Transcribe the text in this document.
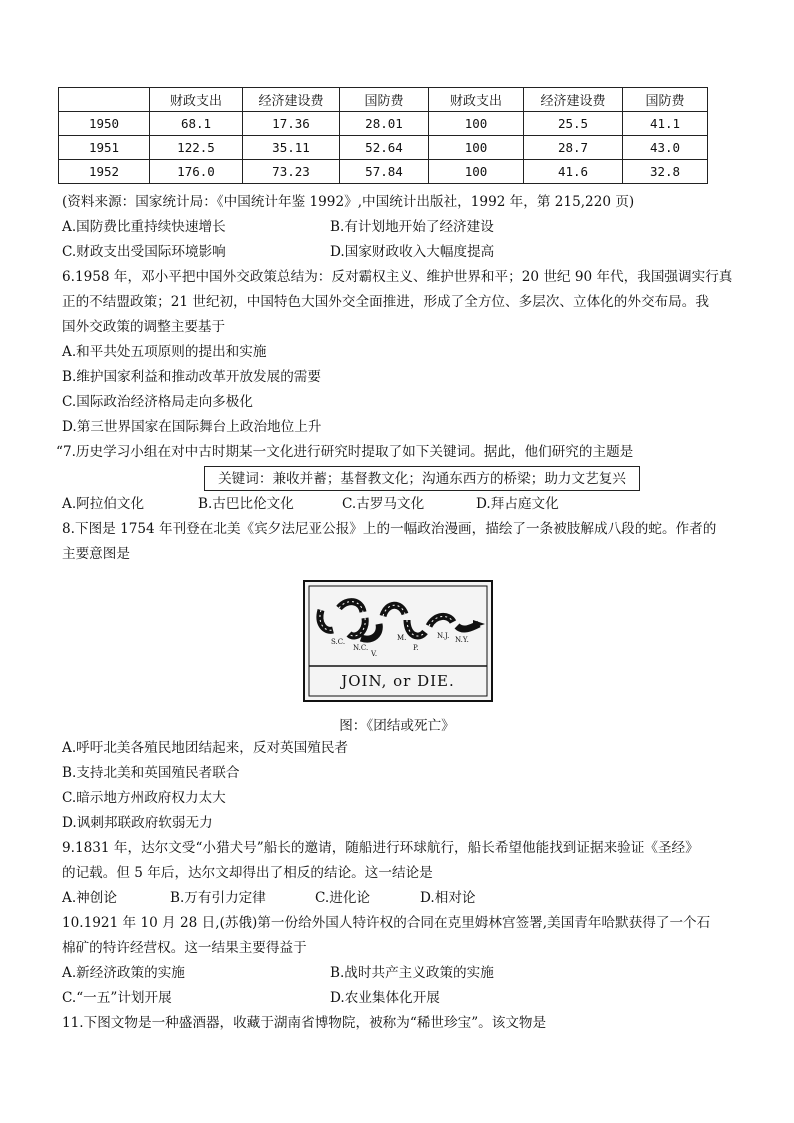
	财政支出	经济建设费	国防费	财政支出	经济建设费	国防费
1950	68.1	17.36	28.01	100	25.5	41.1
1951	122.5	35.11	52.64	100	28.7	43.0
1952	176.0	73.23	57.84	100	41.6	32.8
(资料来源：国家统计局：《中国统计年鉴 1992》,中国统计出版社，1992 年，第 215,220 页)
A.国防费比重持续快速增长	B.有计划地开始了经济建设
C.财政支出受国际环境影响	D.国家财政收入大幅度提高
6.1958 年，邓小平把中国外交政策总结为：反对霸权主义、维护世界和平；20 世纪 90 年代，我国强调实行真
正的不结盟政策；21 世纪初，中国特色大国外交全面推进，形成了全方位、多层次、立体化的外交布局。我
国外交政策的调整主要基于
A.和平共处五项原则的提出和实施
B.维护国家利益和推动改革开放发展的需要
C.国际政治经济格局走向多极化
D.第三世界国家在国际舞台上政治地位上升
“7.历史学习小组在对中古时期某一文化进行研究时提取了如下关键词。据此，他们研究的主题是
关键词：兼收并蓄；基督教文化；沟通东西方的桥梁；助力文艺复兴
A.阿拉伯文化	B.古巴比伦文化	C.古罗马文化	D.拜占庭文化
8.下图是 1754 年刊登在北美《宾夕法尼亚公报》上的一幅政治漫画，描绘了一条被肢解成八段的蛇。作者的
主要意图是
S.C.
N.C.
V.
M.
P.
N.J. N.Y.
JOIN, or DIE.
图：《团结或死亡》
A.呼吁北美各殖民地团结起来，反对英国殖民者
B.支持北美和英国殖民者联合
C.暗示地方州政府权力太大
D.讽刺邦联政府软弱无力
9.1831 年，达尔文受“小猎犬号”船长的邀请，随船进行环球航行，船长希望他能找到证据来验证《圣经》
的记载。但 5 年后，达尔文却得出了相反的结论。这一结论是
A.神创论	B.万有引力定律	C.进化论	D.相对论
10.1921 年 10 月 28 日,(苏俄)第一份给外国人特许权的合同在克里姆林宫签署,美国青年哈默获得了一个石
棉矿的特许经营权。这一结果主要得益于
A.新经济政策的实施	B.战时共产主义政策的实施
C.“一五”计划开展	D.农业集体化开展
11.下图文物是一种盛酒器，收藏于湖南省博物院，被称为“稀世珍宝”。该文物是
